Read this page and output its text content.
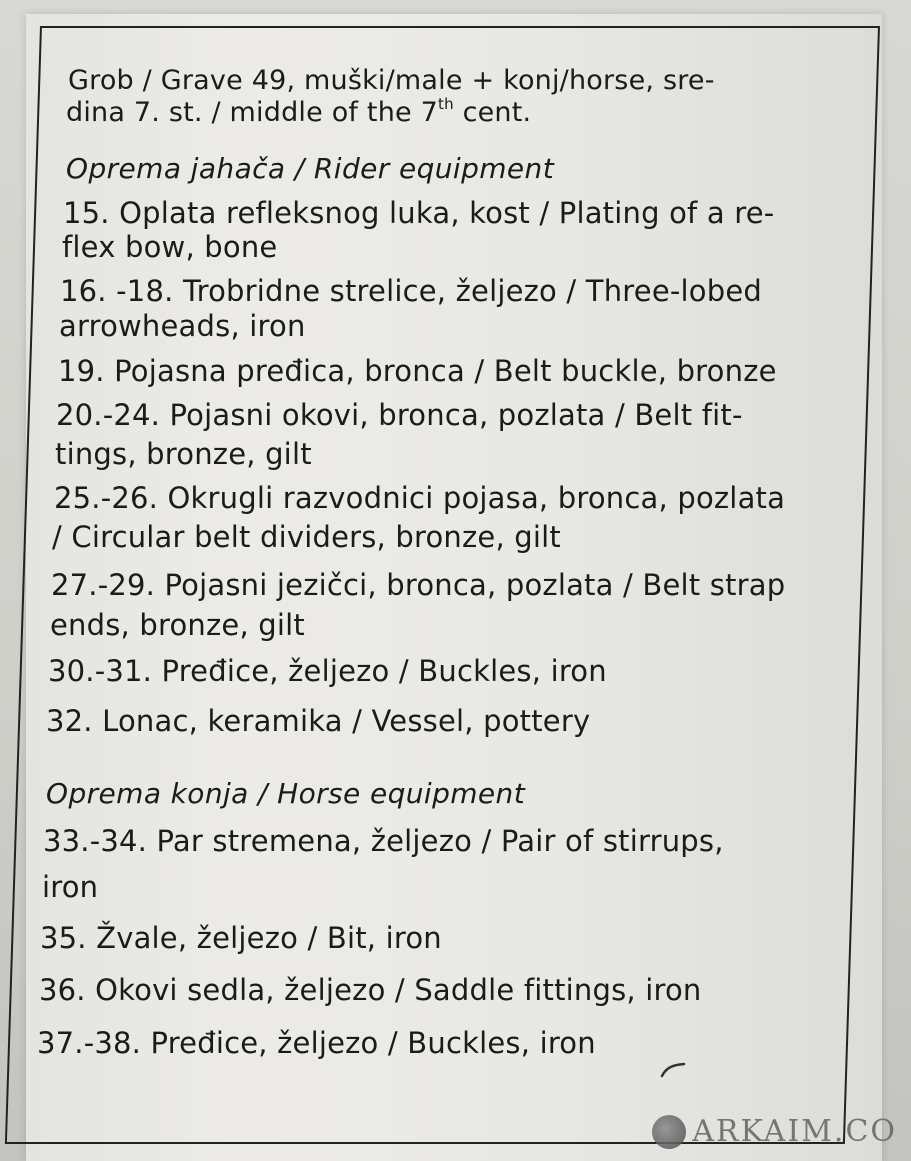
Grob / Grave 49, muški/male + konj/horse, sre-
dina 7. st. / middle of the 7th cent.
Oprema jahača / Rider equipment
15. Oplata refleksnog luka, kost / Plating of a re-
flex bow, bone
16. -18. Trobridne strelice, željezo / Three-lobed
arrowheads, iron
19. Pojasna pređica, bronca / Belt buckle, bronze
20.-24. Pojasni okovi, bronca, pozlata / Belt fit-
tings, bronze, gilt
25.-26. Okrugli razvodnici pojasa, bronca, pozlata
/ Circular belt dividers, bronze, gilt
27.-29. Pojasni jezičci, bronca, pozlata / Belt strap
ends, bronze, gilt
30.-31. Pređice, željezo / Buckles, iron
32. Lonac, keramika / Vessel, pottery
Oprema konja / Horse equipment
33.-34. Par stremena, željezo / Pair of stirrups,
iron
35. Žvale, željezo / Bit, iron
36. Okovi sedla, željezo / Saddle fittings, iron
37.-38. Pređice, željezo / Buckles, iron
ARKAIM.CO
